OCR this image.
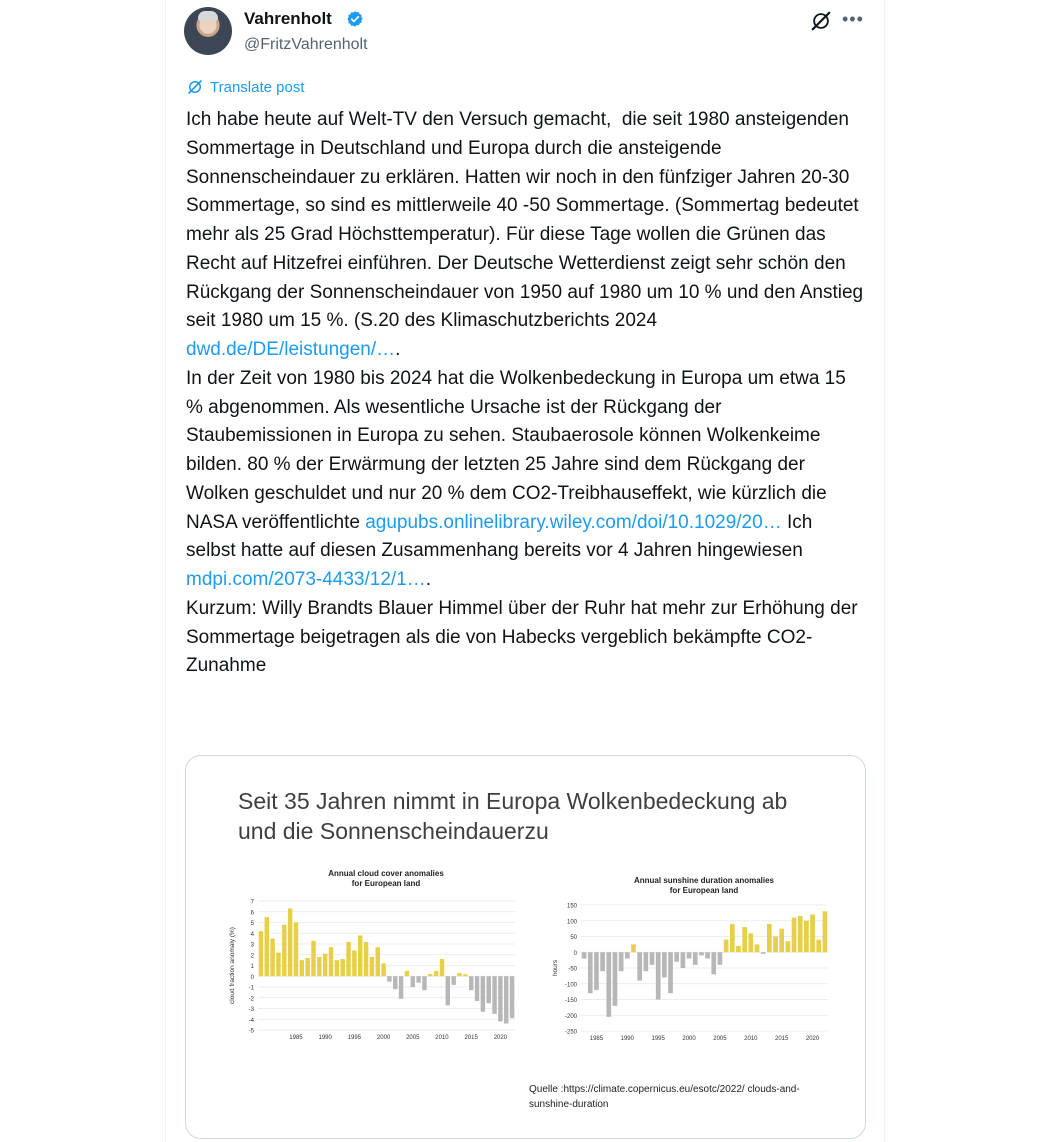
Vahrenholt
@FritzVahrenholt
•••
Translate post

Ich habe heute auf Welt-TV den Versuch gemacht,  die seit 1980 ansteigenden  Sommertage in Deutschland und Europa durch die ansteigende Sonnenscheindauer zu erklären. Hatten wir noch in den fünfziger Jahren 20-30 Sommertage, so sind es mittlerweile 40 -50 Sommertage. (Sommertag bedeutet mehr als 25 Grad Höchsttemperatur). Für diese Tage wollen die Grünen das Recht auf Hitzefrei einführen. Der Deutsche Wetterdienst zeigt sehr schön den Rückgang der Sonnenscheindauer von 1950 auf 1980 um 10 % und den Anstieg seit 1980 um 15 %. (S.20 des Klimaschutzberichts 2024 dwd.de/DE/leistungen/….

In der Zeit von 1980 bis 2024 hat die Wolkenbedeckung in Europa um etwa 15 % abgenommen. Als wesentliche Ursache ist der Rückgang der Staubemissionen in Europa zu sehen. Staubaerosole können Wolkenkeime bilden. 80 % der Erwärmung der letzten 25 Jahre sind dem Rückgang der Wolken geschuldet und nur 20 % dem CO2-Treibhauseffekt, wie kürzlich die NASA veröffentlichte agupubs.onlinelibrary.wiley.com/doi/10.1029/20… Ich selbst hatte auf diesen Zusammenhang bereits vor 4 Jahren hingewiesen mdpi.com/2073-4433/12/1….

Kurzum: Willy Brandts Blauer Himmel über der Ruhr hat mehr zur Erhöhung der Sommertage beigetragen als die von Habecks vergeblich bekämpfte CO2-Zunahme

Seit 35 Jahren nimmt in Europa Wolkenbedeckung ab
und die Sonnenscheindauerzu
7
6
5
4
3
2
1
0
-1
-2
-3
-4
-5
1985	1990	1995	2000	2005	2010	2015	2020
cloud fraction anomaly (%)
Annual cloud cover anomalies
for European land
150
100
50
0
-50
-100
-150
-200
-250
1985	1990	1995	2000	2005	2010	2015	2020
hours
Annual sunshine duration anomalies
for European land
Quelle :https://climate.copernicus.eu/esotc/2022/ clouds-and-
sunshine-duration
